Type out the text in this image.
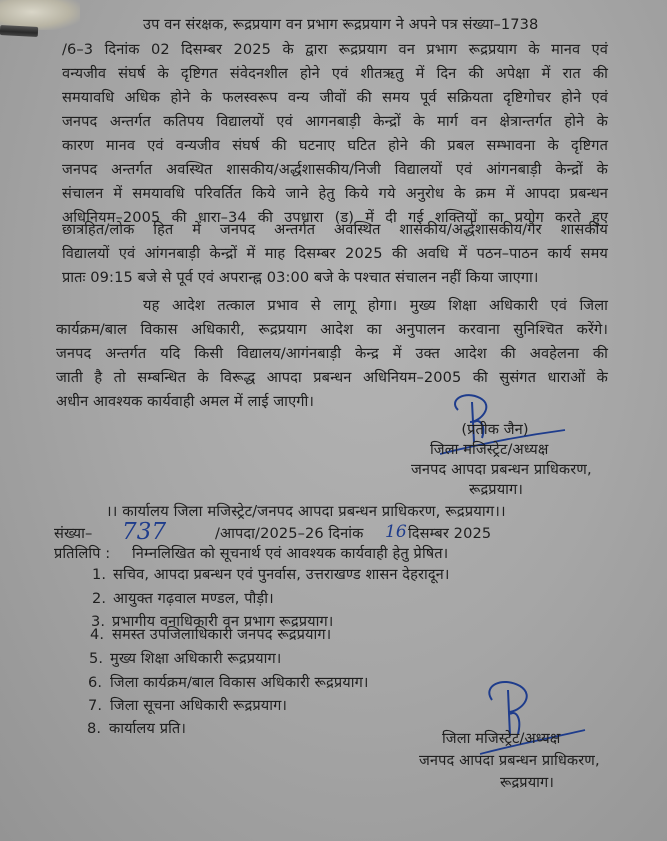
उप वन संरक्षक, रूद्रप्रयाग वन प्रभाग रूद्रप्रयाग ने अपने पत्र संख्या–1738
/6–3 दिनांक 02 दिसम्बर 2025 के द्वारा रूद्रप्रयाग वन प्रभाग रूद्रप्रयाग के मानव एवं
वन्यजीव संघर्ष के दृष्टिगत संवेदनशील होने एवं शीतऋतु में दिन की अपेक्षा में रात की
समयावधि अधिक होने के फलस्वरूप वन्य जीवों की समय पूर्व सक्रियता दृष्टिगोचर होने एवं
जनपद अन्तर्गत कतिपय विद्यालयों एवं आगनबाड़ी केन्द्रों के मार्ग वन क्षेत्रान्तर्गत होने के
कारण मानव एवं वन्यजीव संघर्ष की घटनाए घटित होने की प्रबल सम्भावना के दृष्टिगत
जनपद अन्तर्गत अवस्थित शासकीय/अर्द्धशासकीय/निजी विद्यालयों एवं आंगनबाड़ी केन्द्रों के
संचालन में समयावधि परिवर्तित किये जाने हेतु किये गये अनुरोध के क्रम में आपदा प्रबन्धन
अधिनियम–2005 की धारा–34 की उपधारा (ड) में दी गई शक्तियों का प्रयोग करते हुए
छात्रहित/लोक हित में जनपद अन्तर्गत अवस्थित शासकीय/अर्द्धशासकीय/गैर शासकीय
विद्यालयों एवं आंगनबाड़ी केन्द्रों में माह दिसम्बर 2025 की अवधि में पठन–पाठन कार्य समय
प्रातः 09:15 बजे से पूर्व एवं अपरान्ह्न 03:00 बजे के पश्चात संचालन नहीं किया जाएगा।
यह आदेश तत्काल प्रभाव से लागू होगा। मुख्य शिक्षा अधिकारी एवं जिला
कार्यक्रम/बाल विकास अधिकारी, रूद्रप्रयाग आदेश का अनुपालन करवाना सुनिश्चित करेंगे।
जनपद अन्तर्गत यदि किसी विद्यालय/आगंनबाड़ी केन्द्र में उक्त आदेश की अवहेलना की
जाती है तो सम्बन्धित के विरूद्ध आपदा प्रबन्धन अधिनियम–2005 की सुसंगत धाराओं के
अधीन आवश्यक कार्यवाही अमल में लाई जाएगी।
(प्रतीक जैन)
जिला मजिस्ट्रेट/अध्यक्ष
जनपद आपदा प्रबन्धन प्राधिकरण,
रूद्रप्रयाग।
।। कार्यालय जिला मजिस्ट्रेट/जनपद आपदा प्रबन्धन प्राधिकरण, रूद्रप्रयाग।।
संख्या– 737	/आपदा/2025–26 दिनांक 16 दिसम्बर 2025
प्रतिलिपि : निम्नलिखित को सूचनार्थ एवं आवश्यक कार्यवाही हेतु प्रेषित।
1. सचिव, आपदा प्रबन्धन एवं पुनर्वास, उत्तराखण्ड शासन देहरादून।
2. आयुक्त गढ़वाल मण्डल, पौड़ी।
3. प्रभागीय वनाधिकारी वन प्रभाग रूद्रप्रयाग।
4. समस्त उपजिलाधिकारी जनपद रूद्रप्रयाग।
5. मुख्य शिक्षा अधिकारी रूद्रप्रयाग।
6. जिला कार्यक्रम/बाल विकास अधिकारी रूद्रप्रयाग।
7. जिला सूचना अधिकारी रूद्रप्रयाग।
8. कार्यालय प्रति।
जिला मजिस्ट्रेट/अध्यक्ष
जनपद आपदा प्रबन्धन प्राधिकरण,
रूद्रप्रयाग।
